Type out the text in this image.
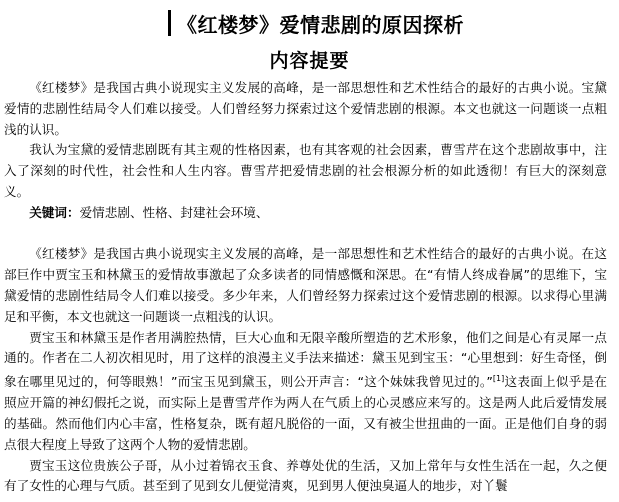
《红楼梦》爱情悲剧的原因探析
内容提要

《红楼梦》是我国古典小说现实主义发展的高峰，是一部思想性和艺术性结合的最好的古典小说。宝黛爱情的悲剧性结局令人们难以接受。人们曾经努力探索过这个爱情悲剧的根源。本文也就这一问题谈一点粗浅的认识。

我认为宝黛的爱情悲剧既有其主观的性格因素，也有其客观的社会因素，曹雪芹在这个悲剧故事中，注入了深刻的时代性，社会性和人生内容。曹雪芹把爱情悲剧的社会根源分析的如此透彻！有巨大的深刻意义。

关键词：爱情悲剧、性格、封建社会环境、

《红楼梦》是我国古典小说现实主义发展的高峰，是一部思想性和艺术性结合的最好的古典小说。在这部巨作中贾宝玉和林黛玉的爱情故事激起了众多读者的同情感慨和深思。在“有情人终成眷属”的思维下，宝黛爱情的悲剧性结局令人们难以接受。多少年来，人们曾经努力探索过这个爱情悲剧的根源。以求得心里满足和平衡，本文也就这一问题谈一点粗浅的认识。

贾宝玉和林黛玉是作者用满腔热情，巨大心血和无限辛酸所塑造的艺术形象，他们之间是心有灵犀一点通的。作者在二人初次相见时，用了这样的浪漫主义手法来描述：黛玉见到宝玉：“心里想到：好生奇怪，倒象在哪里见过的，何等眼熟！”而宝玉见到黛玉，则公开声言：“这个妹妹我曾见过的。”[1]这表面上似乎是在照应开篇的神幻假托之说，而实际上是曹雪芹作为两人在气质上的心灵感应来写的。这是两人此后爱情发展的基础。然而他们内心丰富，性格复杂，既有超凡脱俗的一面，又有被尘世扭曲的一面。正是他们自身的弱点很大程度上导致了这两个人物的爱情悲剧。

贾宝玉这位贵族公子哥，从小过着锦衣玉食、养尊处优的生活，又加上常年与女性生活在一起，久之便有了女性的心理与气质。甚至到了见到女儿便觉清爽，见到男人便浊臭逼人的地步，对丫鬟
